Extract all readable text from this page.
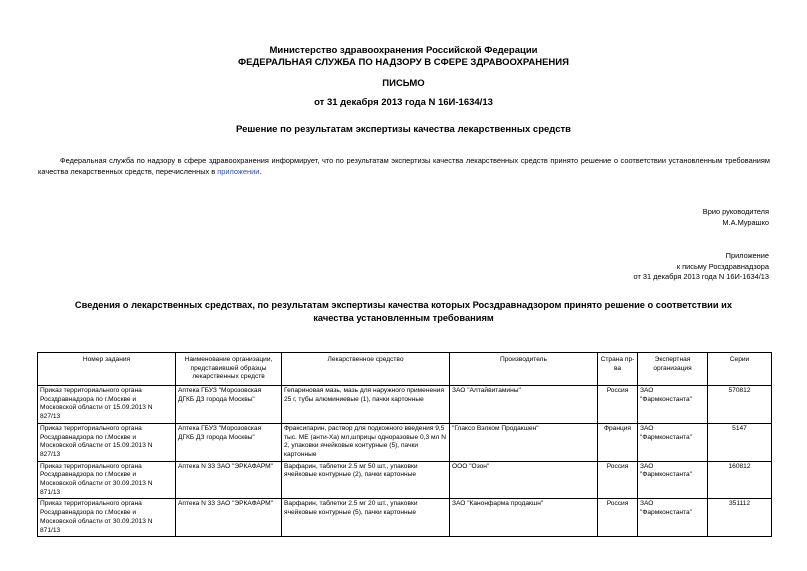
Министерство здравоохранения Российской Федерации
ФЕДЕРАЛЬНАЯ СЛУЖБА ПО НАДЗОРУ В СФЕРЕ ЗДРАВООХРАНЕНИЯ
ПИСЬМО
от 31 декабря 2013 года N 16И-1634/13
Решение по результатам экспертизы качества лекарственных средств
Федеральная служба по надзору в сфере здравоохранения информирует, что по результатам экспертизы качества лекарственных средств принято решение о соответствии установленным требованиям качества лекарственных средств, перечисленных в приложении.
Врио руководителя
М.А.Мурашко
Приложение
к письму Росздравнадзора
от 31 декабря 2013 года N 16И-1634/13
Сведения о лекарственных средствах, по результатам экспертизы качества которых Росздравнадзором принято решение о соответствии их качества установленным требованиям
Номер задания	Наименование организации, представившей образцы лекарственных средств	Лекарственное средство	Производитель	Страна пр-ва	Экспертная организация	Серии
Приказ территориального органа Росздравнадзора по г.Москве и Московской области от 15.09.2013 N 827/13	Аптека ГБУЗ "Морозовская ДГКБ ДЗ города Москвы"	Гепариновая мазь, мазь для наружного применения 25 г, тубы алюминиевые (1), пачки картонные	ЗАО "Алтайвитамины"	Россия	ЗАО "Фармконстанта"	570812
Приказ территориального органа Росздравнадзора по г.Москве и Московской области от 15.09.2013 N 827/13	Аптека ГБУЗ "Морозовская ДГКБ ДЗ города Москвы"	Фраксипарин, раствор для подкожного введения 9,5 тыс. МЕ (анти-Ха) мл,шприцы одноразовые 0,3 мл N 2, упаковки ячейковые контурные (5), пачки картонные	"Глаксо Вэлком Продакшен"	Франция	ЗАО "Фармконстанта"	5147
Приказ территориального органа Росздравнадзора по г.Москве и Московской области от 30.09.2013 N 871/13	Аптека N 33 ЗАО "ЭРКАФАРМ"	Варфарин, таблетки 2.5 мг 50 шт., упаковки ячейковые контурные (2), пачки картонные	ООО "Озон"	Россия	ЗАО "Фармконстанта"	160812
Приказ территориального органа Росздравнадзора по г.Москве и Московской области от 30.09.2013 N 871/13	Аптека N 33 ЗАО "ЭРКАФАРМ"	Варфарин, таблетки 2.5 мг 20 шт., упаковки ячейковые контурные (5), пачки картонные	ЗАО "Канонфарма продакшн"	Россия	ЗАО "Фармконстанта"	351112
